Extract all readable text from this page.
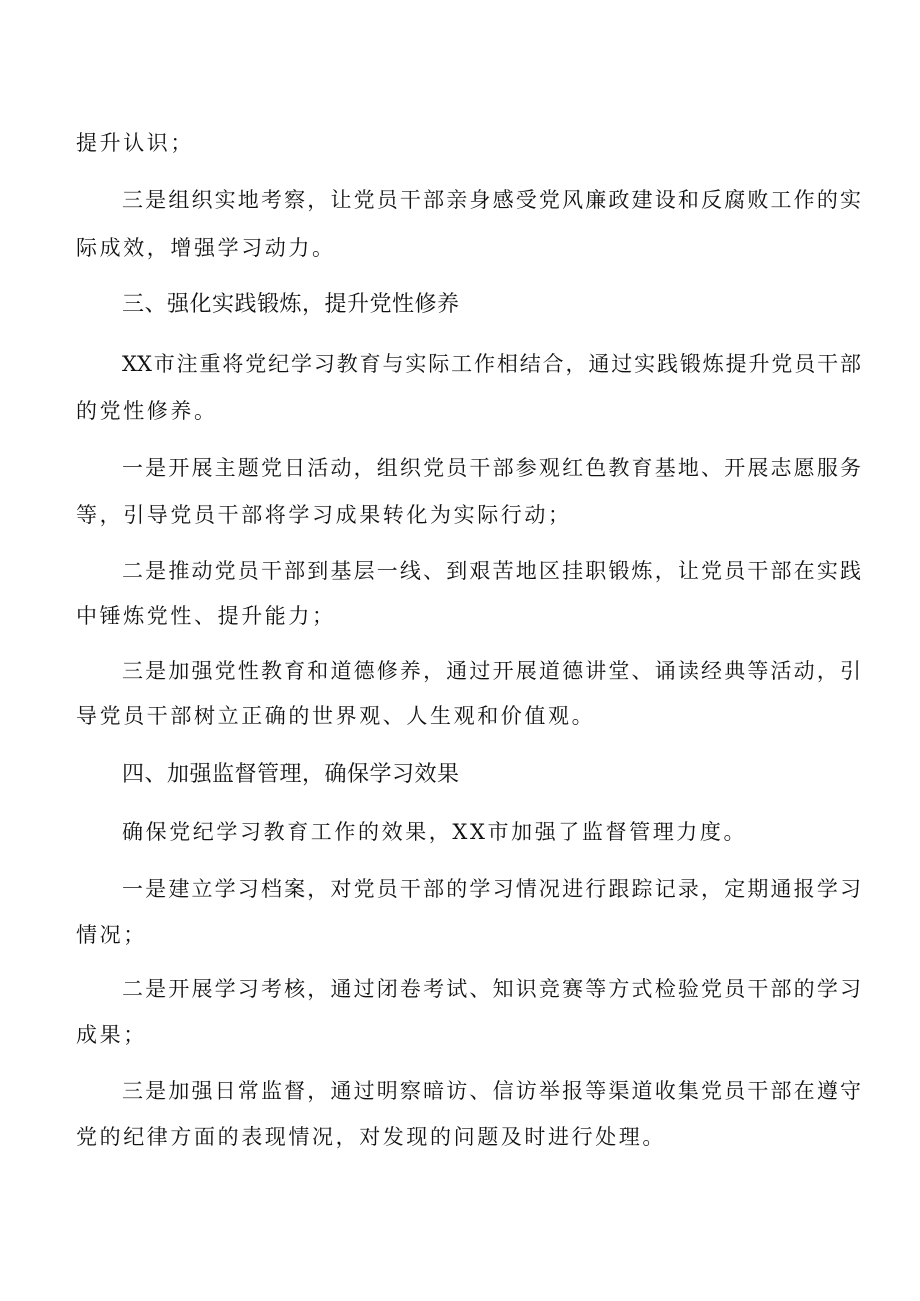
提升认识；
三是组织实地考察，让党员干部亲身感受党风廉政建设和反腐败工作的实
际成效，增强学习动力。
三、强化实践锻炼，提升党性修养
XX市注重将党纪学习教育与实际工作相结合，通过实践锻炼提升党员干部
的党性修养。
一是开展主题党日活动，组织党员干部参观红色教育基地、开展志愿服务
等，引导党员干部将学习成果转化为实际行动；
二是推动党员干部到基层一线、到艰苦地区挂职锻炼，让党员干部在实践
中锤炼党性、提升能力；
三是加强党性教育和道德修养，通过开展道德讲堂、诵读经典等活动，引
导党员干部树立正确的世界观、人生观和价值观。
四、加强监督管理，确保学习效果
确保党纪学习教育工作的效果，XX市加强了监督管理力度。
一是建立学习档案，对党员干部的学习情况进行跟踪记录，定期通报学习
情况；
二是开展学习考核，通过闭卷考试、知识竞赛等方式检验党员干部的学习
成果；
三是加强日常监督，通过明察暗访、信访举报等渠道收集党员干部在遵守
党的纪律方面的表现情况，对发现的问题及时进行处理。
